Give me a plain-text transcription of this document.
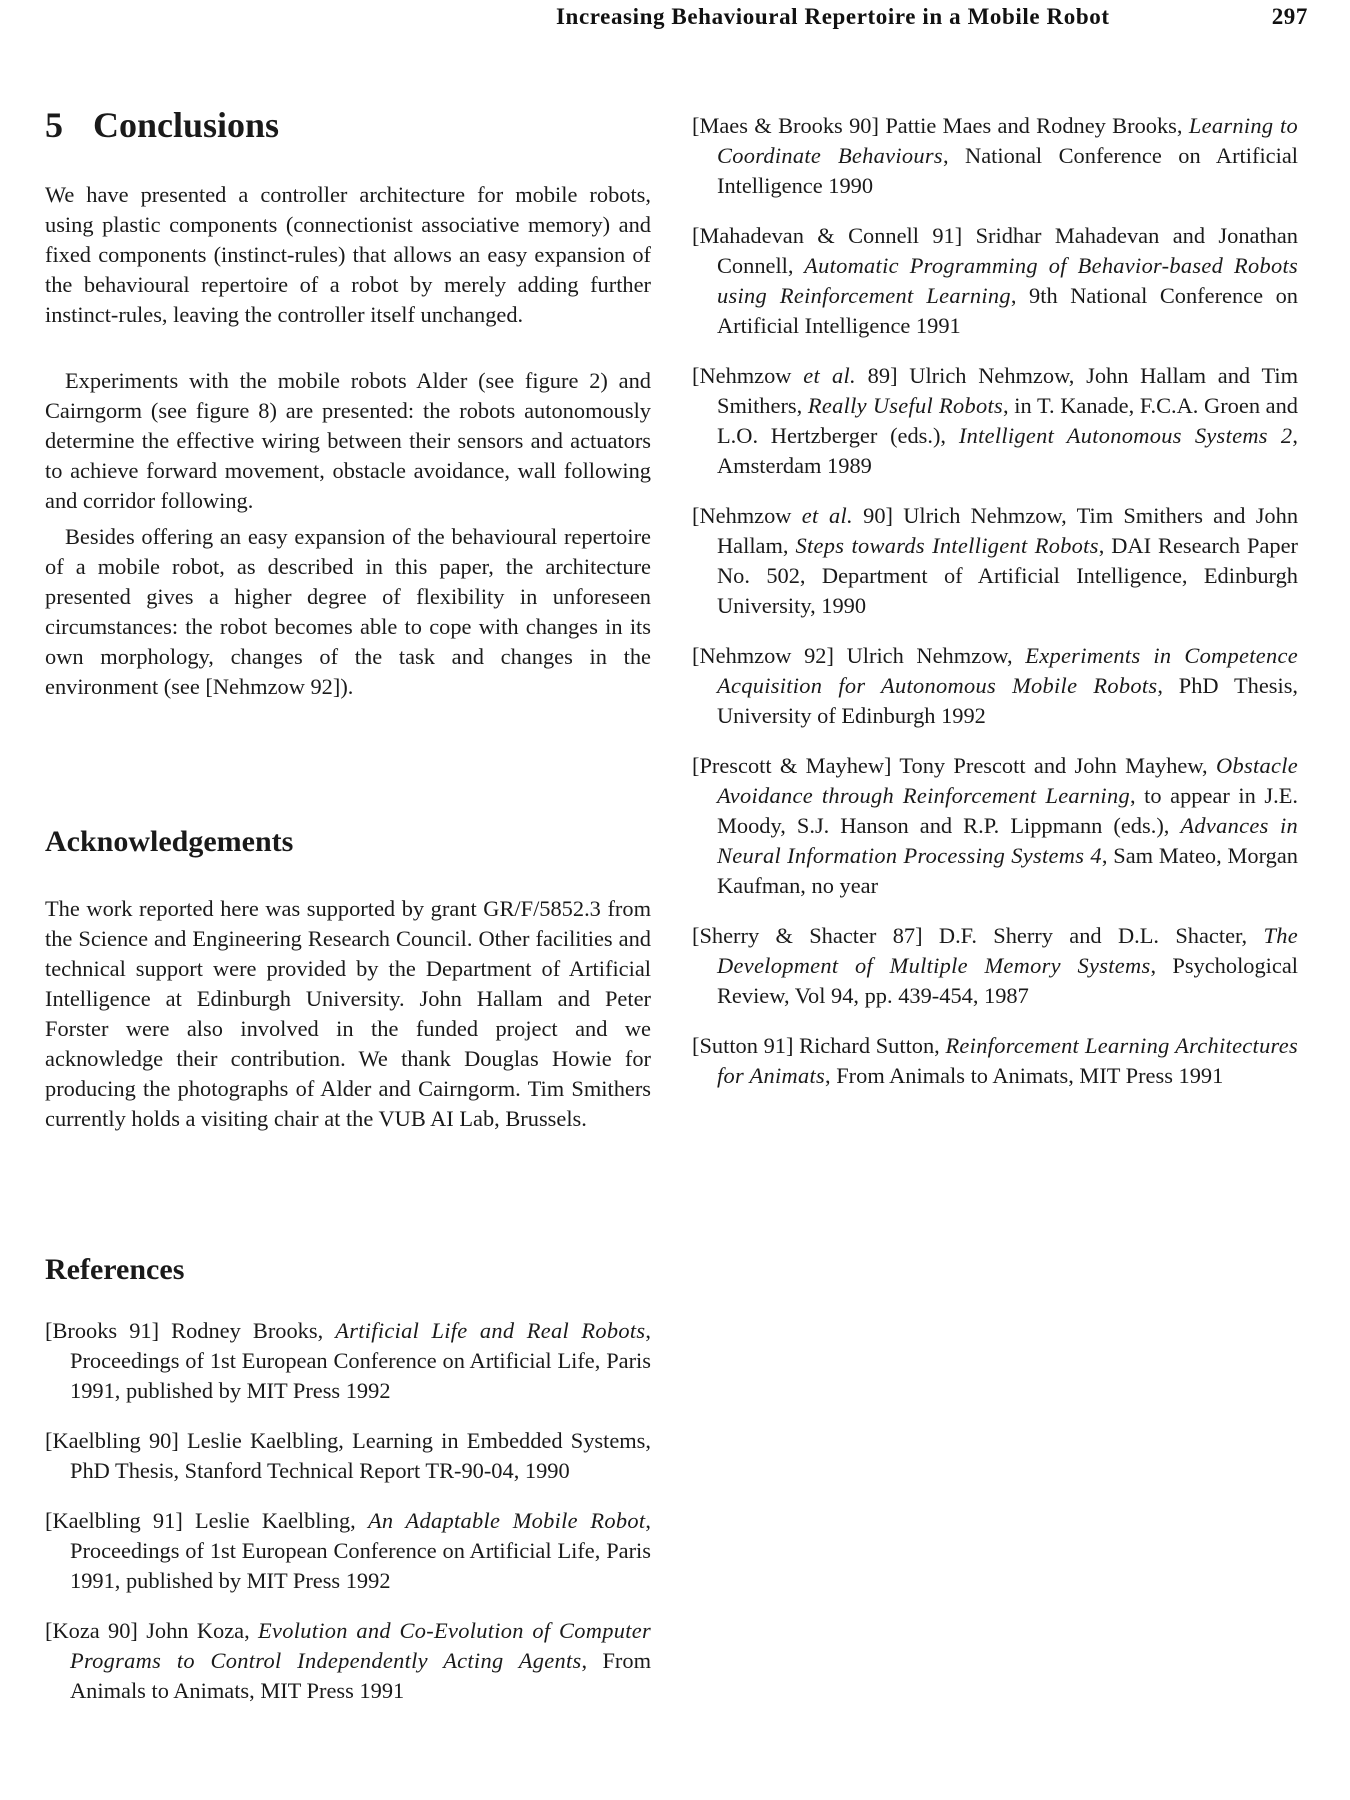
Increasing Behavioural Repertoire in a Mobile Robot	297
5 Conclusions

We have presented a controller architecture for mobile robots, using plastic components (connectionist associative memory) and fixed components (instinct-rules) that allows an easy expansion of the behavioural repertoire of a robot by merely adding further instinct-rules, leaving the controller itself unchanged.

Experiments with the mobile robots Alder (see figure 2) and Cairngorm (see figure 8) are presented: the robots autonomously determine the effective wiring between their sensors and actuators to achieve forward movement, obstacle avoidance, wall following and corridor following.

Besides offering an easy expansion of the behavioural repertoire of a mobile robot, as described in this paper, the architecture presented gives a higher degree of flexibility in unforeseen circumstances: the robot becomes able to cope with changes in its own morphology, changes of the task and changes in the environment (see [Nehmzow 92]).

Acknowledgements

The work reported here was supported by grant GR/F/5852.3 from the Science and Engineering Research Council. Other facilities and technical support were provided by the Department of Artificial Intelligence at Edinburgh University. John Hallam and Peter Forster were also involved in the funded project and we acknowledge their contribution. We thank Douglas Howie for producing the photographs of Alder and Cairngorm. Tim Smithers currently holds a visiting chair at the VUB AI Lab, Brussels.

References

[Brooks 91] Rodney Brooks, Artificial Life and Real Robots, Proceedings of 1st European Conference on Artificial Life, Paris 1991, published by MIT Press 1992

[Kaelbling 90] Leslie Kaelbling, Learning in Embedded Systems, PhD Thesis, Stanford Technical Report TR-90-04, 1990

[Kaelbling 91] Leslie Kaelbling, An Adaptable Mobile Robot, Proceedings of 1st European Conference on Artificial Life, Paris 1991, published by MIT Press 1992

[Koza 90] John Koza, Evolution and Co-Evolution of Computer Programs to Control Independently Acting Agents, From Animals to Animats, MIT Press 1991

[Maes & Brooks 90] Pattie Maes and Rodney Brooks, Learning to Coordinate Behaviours, National Conference on Artificial Intelligence 1990

[Mahadevan & Connell 91] Sridhar Mahadevan and Jonathan Connell, Automatic Programming of Behavior-based Robots using Reinforcement Learning, 9th National Conference on Artificial Intelligence 1991

[Nehmzow et al. 89] Ulrich Nehmzow, John Hallam and Tim Smithers, Really Useful Robots, in T. Kanade, F.C.A. Groen and L.O. Hertzberger (eds.), Intelligent Autonomous Systems 2, Amsterdam 1989

[Nehmzow et al. 90] Ulrich Nehmzow, Tim Smithers and John Hallam, Steps towards Intelligent Robots, DAI Research Paper No. 502, Department of Artificial Intelligence, Edinburgh University, 1990

[Nehmzow 92] Ulrich Nehmzow, Experiments in Competence Acquisition for Autonomous Mobile Robots, PhD Thesis, University of Edinburgh 1992

[Prescott & Mayhew] Tony Prescott and John Mayhew, Obstacle Avoidance through Reinforcement Learning, to appear in J.E. Moody, S.J. Hanson and R.P. Lippmann (eds.), Advances in Neural Information Processing Systems 4, Sam Mateo, Morgan Kaufman, no year

[Sherry & Shacter 87] D.F. Sherry and D.L. Shacter, The Development of Multiple Memory Systems, Psychological Review, Vol 94, pp. 439-454, 1987

[Sutton 91] Richard Sutton, Reinforcement Learning Architectures for Animats, From Animals to Animats, MIT Press 1991
